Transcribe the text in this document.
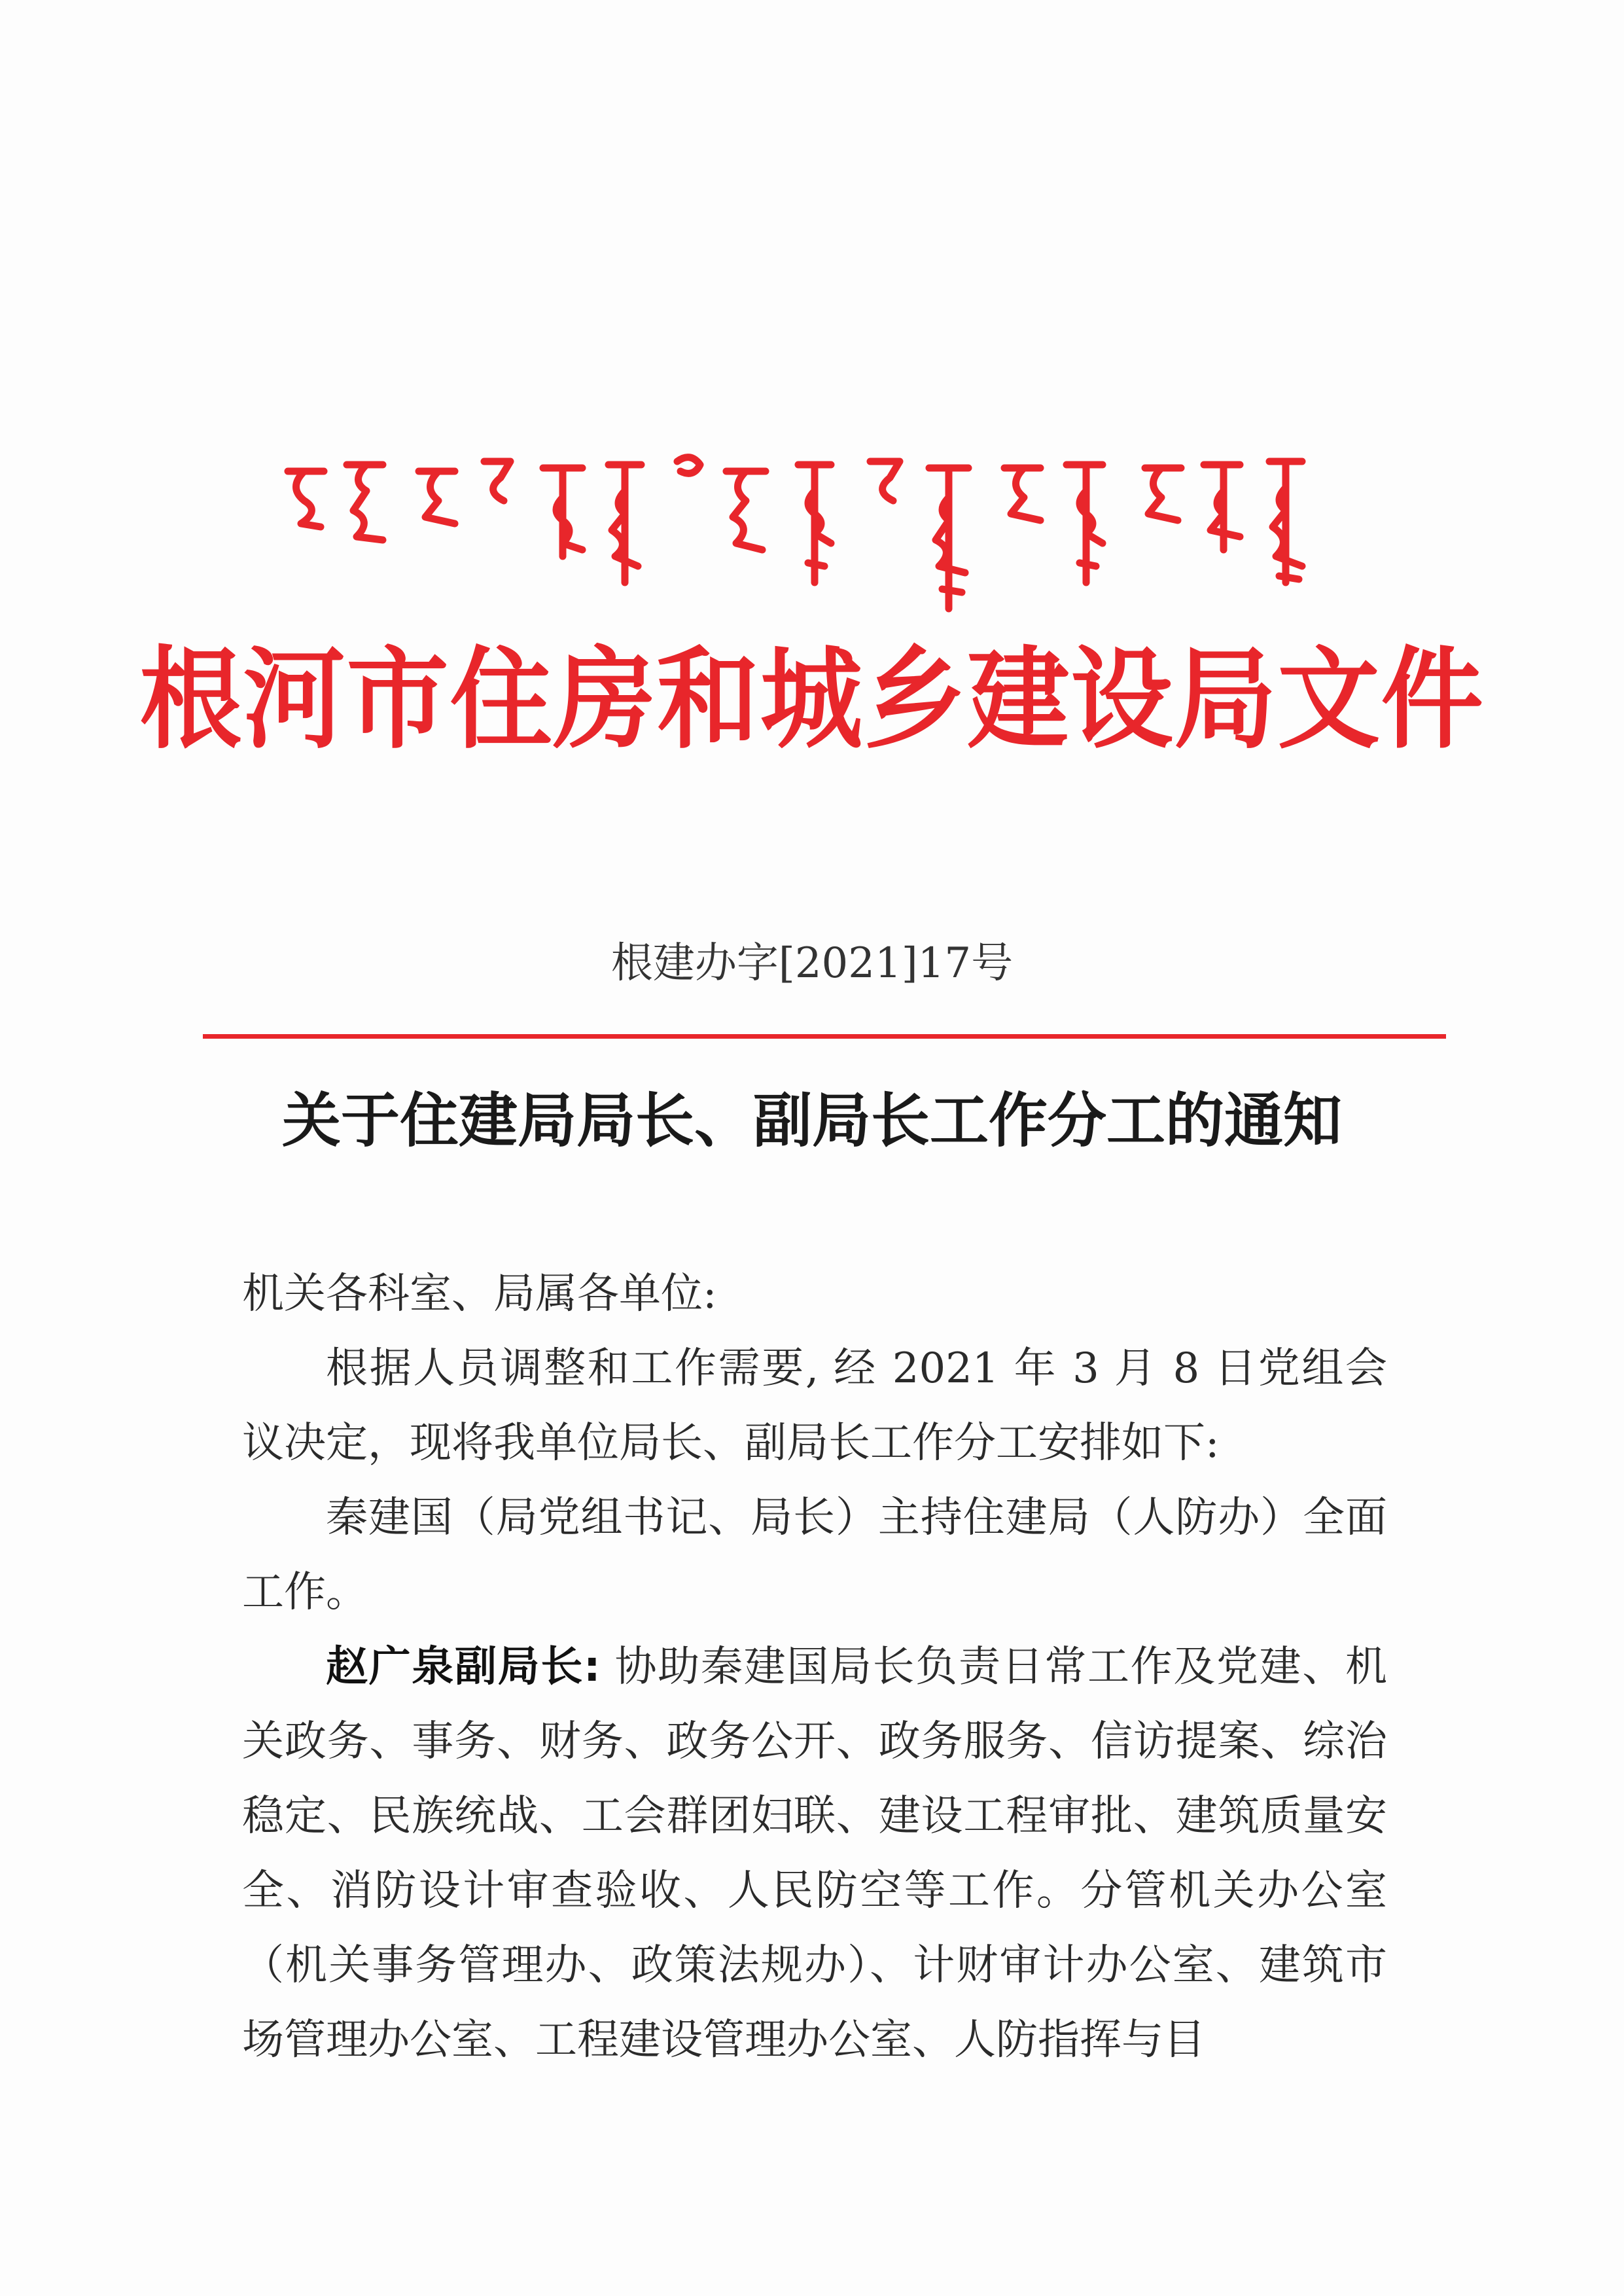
根河市住房和城乡建设局文件
根建办字[2021]17号
关于住建局局长、副局长工作分工的通知

机关各科室、局属各单位:

根据人员调整和工作需要, 经 2021 年 3 月 8 日党组会议决定，现将我单位局长、副局长工作分工安排如下:

秦建国（局党组书记、局长）主持住建局（人防办）全面工作。

赵广泉副局长: 协助秦建国局长负责日常工作及党建、机关政务、事务、财务、政务公开、政务服务、信访提案、综治稳定、民族统战、工会群团妇联、建设工程审批、建筑质量安全、消防设计审查验收、人民防空等工作。分管机关办公室（机关事务管理办、政策法规办）、计财审计办公室、建筑市场管理办公室、工程建设管理办公室、人防指挥与目
